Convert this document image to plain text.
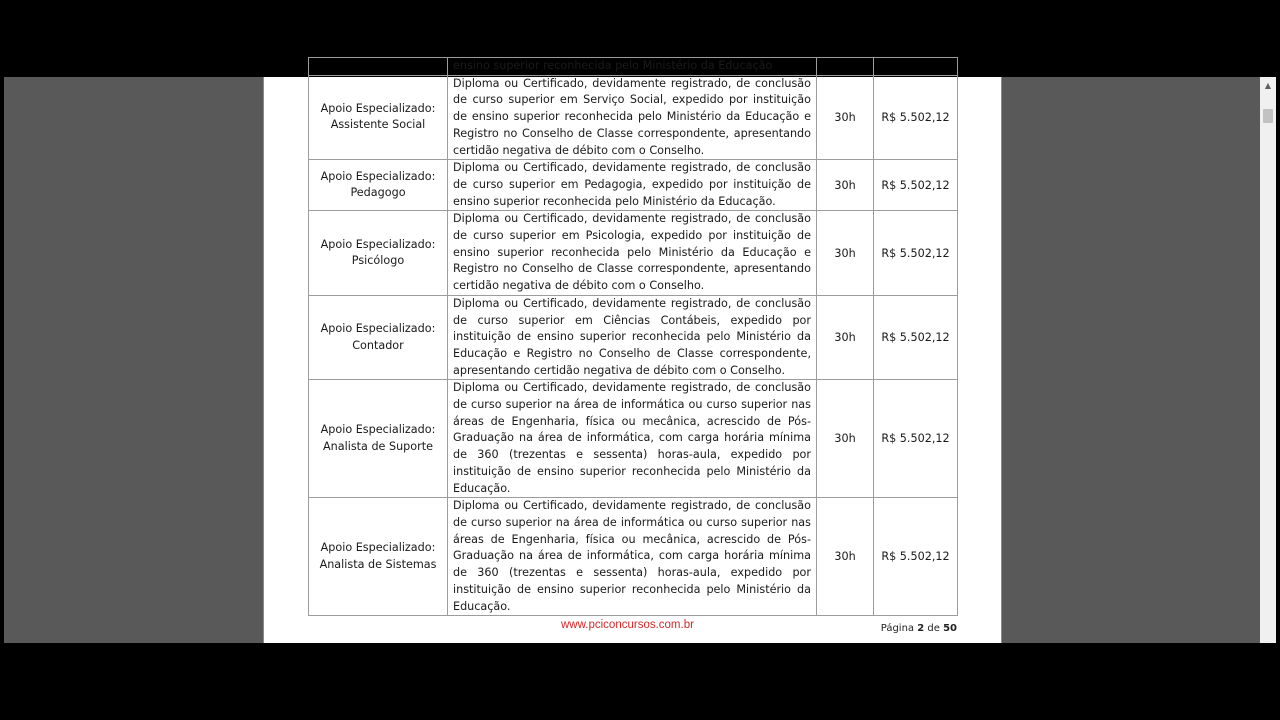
	ensino superior reconhecida pelo Ministério da Educação		

Apoio Especializado:
Assistente Social	Diploma ou Certificado, devidamente registrado, de conclusão de curso superior em Serviço Social, expedido por instituição de ensino superior reconhecida pelo Ministério da Educação e Registro no Conselho de Classe correspondente, apresentando certidão negativa de débito com o Conselho.	30h	R$ 5.502,12

Apoio Especializado:
Pedagogo	Diploma ou Certificado, devidamente registrado, de conclusão de curso superior em Pedagogia, expedido por instituição de ensino superior reconhecida pelo Ministério da Educação.	30h	R$ 5.502,12

Apoio Especializado:
Psicólogo	Diploma ou Certificado, devidamente registrado, de conclusão de curso superior em Psicologia, expedido por instituição de ensino superior reconhecida pelo Ministério da Educação e Registro no Conselho de Classe correspondente, apresentando certidão negativa de débito com o Conselho.	30h	R$ 5.502,12

Apoio Especializado:
Contador	Diploma ou Certificado, devidamente registrado, de conclusão de curso superior em Ciências Contábeis, expedido por instituição de ensino superior reconhecida pelo Ministério da Educação e Registro no Conselho de Classe correspondente, apresentando certidão negativa de débito com o Conselho.	30h	R$ 5.502,12

Apoio Especializado:
Analista de Suporte	Diploma ou Certificado, devidamente registrado, de conclusão de curso superior na área de informática ou curso superior nas áreas de Engenharia, física ou mecânica, acrescido de Pós-Graduação na área de informática, com carga horária mínima de 360 (trezentas e sessenta) horas-aula, expedido por instituição de ensino superior reconhecida pelo Ministério da Educação.	30h	R$ 5.502,12

Apoio Especializado:
Analista de Sistemas	Diploma ou Certificado, devidamente registrado, de conclusão de curso superior na área de informática ou curso superior nas áreas de Engenharia, física ou mecânica, acrescido de Pós-Graduação na área de informática, com carga horária mínima de 360 (trezentas e sessenta) horas-aula, expedido por instituição de ensino superior reconhecida pelo Ministério da Educação.	30h	R$ 5.502,12
www.pciconcursos.com.br	Página 2 de 50
▲
